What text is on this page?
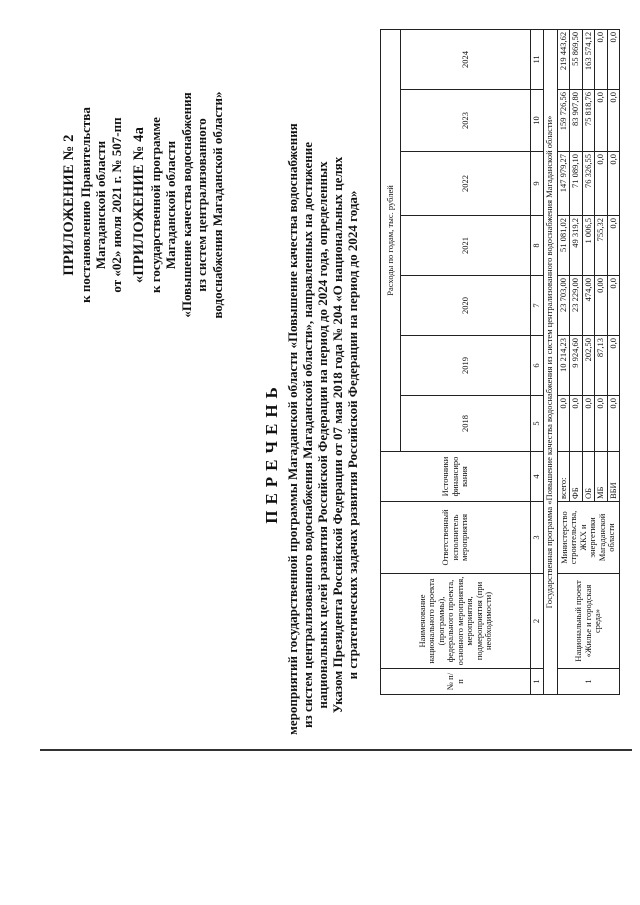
ПРИЛОЖЕНИЕ № 2 к постановлению Правительства Магаданской области от «02» июля 2021 г. № 507-пп «ПРИЛОЖЕНИЕ № 4а к государственной программе Магаданской области «Повышение качества водоснабжения из систем централизованного водоснабжения Магаданской области»
ПЕРЕЧЕНЬ мероприятий государственной программы Магаданской области «Повышение качества водоснабжения из систем централизованного водоснабжения Магаданской области», направленных на достижение национальных целей развития Российской Федерации на период до 2024 года, определенных Указом Президента Российской Федерации от 07 мая 2018 года № 204 «О национальных целях и стратегических задачах развития Российской Федерации на период до 2024 года»
№ п/п	Наименование национального проекта (программы), федерального проекта, основного мероприятия, мероприятия, подмероприятия (при необходимости)	Ответственный исполнитель мероприятия	Источники финансиро вания	Расходы по годам, тыс. рублей						
				2018	2019	2020	2021	2022	2023	2024
1	2	3	4	5	6	7	8	9	10	11
Государственная программа «Повышение качества водоснабжения из систем централизованного водоснабжения Магаданской области»										
1	Национальный проект «Жилье и городская среда»	Министерство строительства, ЖКХ и энергетики Магаданской области	всего:	0,0	10 214,23	23 703,00	51 081,02	147 979,27	159 726,56	219 443,62
			ФБ	0,0	9 924,60	23 229,00	49 319,2	71 089,10	83 907,80	55 869,50
			ОБ	0,0	202,50	474,00	1 006,5	76 326,55	75 818,76	163 574,12
			МБ	0,0	87,13	0,00	755,32	0,0	0,0	0,0
			ВБИ	0,0	0,0	0,0	0,0	0,0	0,0	0,0
